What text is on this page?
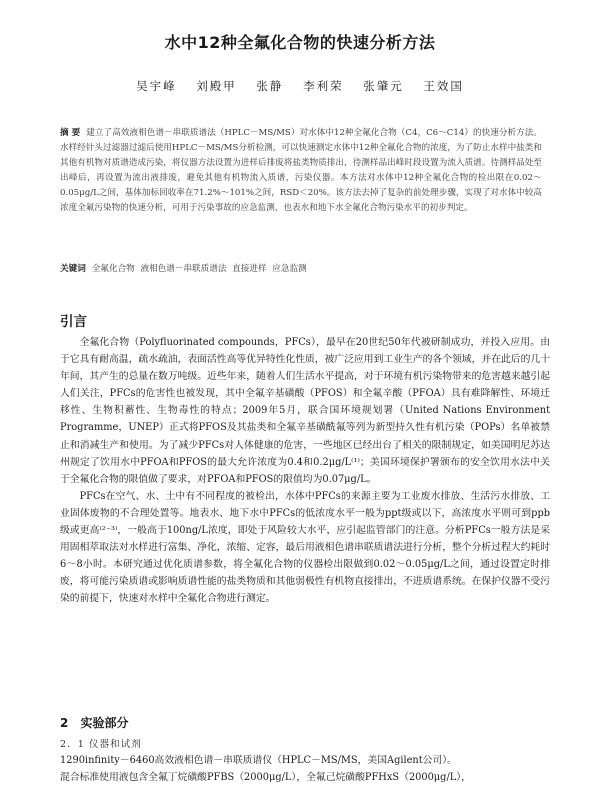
水中12种全氟化合物的快速分析方法
吴宇峰 刘殿甲 张静 李利荣 张肇元 王效国
摘 要 建立了高效液相色谱－串联质谱法（HPLC－MS/MS）对水体中12种全氟化合物（C4，C6～C14）的快速分析方法。水样经针头过滤器过滤后使用HPLC－MS/MS分析检测，可以快速测定水体中12种全氟化合物的浓度，为了防止水样中盐类和其他有机物对质谱造成污染，将仪器方法设置为进样后排废将盐类物质排出，待测样品出峰时段设置为流入质谱。待测样品处至出峰后，再设置为流出液排废，避免其他有机物流入质谱，污染仪器。本方法对水体中12种全氟化合物的检出限在0.02～0.05μg/L之间，基体加标回收率在71.2%～101%之间，RSD＜20%。该方法去掉了复杂的前处理步骤，实现了对水体中较高浓度全氟污染物的快速分析，可用于污染事故的应急监测，也表水和地下水全氟化合物污染水平的初步判定。
关键词 全氟化合物 液相色谱－串联质谱法 直接进样 应急监测
引言

全氟化合物（Polyfluorinated compounds，PFCs），最早在20世纪50年代被研制成功，并投入应用。由于它具有耐高温，疏水疏油，表面活性高等优异特性化性质，被广泛应用到工业生产的各个领域，并在此后的几十年间，其产生的总量在数万吨级。近些年来，随着人们生活水平提高，对于环境有机污染物带来的危害越来越引起人们关注，PFCs的危害性也被发现，其中全氟辛基磺酸（PFOS）和全氟辛酸（PFOA）具有难降解性、环境迁移性、生物积蓄性、生物毒性的特点；2009年5月，联合国环境规划署（United Nations Environment Programme，UNEP）正式将PFOS及其盐类和全氟辛基磺酰氟等列为新型持久性有机污染（POPs）名单被禁止和消减生产和使用。为了减少PFCs对人体健康的危害，一些地区已经出台了相关的限制规定，如美国明尼苏达州规定了饮用水中PFOA和PFOS的最大允许浓度为0.4和0.2μg/L⁽¹⁾；美国环境保护署颁布的安全饮用水法中关于全氟化合物的限值做了要求，对PFOA和PFOS的限值均为0.07μg/L。

PFCs在空气、水、土中有不同程度的被检出，水体中PFCs的来源主要为工业废水排放、生活污水排放、工业固体废物的不合理处置等。地表水、地下水中PFCs的低浓度水平一般为ppt级或以下，高浓度水平则可到ppb级或更高⁽²⁻³⁾，一般高于100ng/L浓度，即处于风险较大水平，应引起监管部门的注意。分析PFCs一般方法是采用固相萃取法对水样进行富集、净化，浓缩、定容，最后用液相色谱串联质谱法进行分析，整个分析过程大约耗时6～8小时。本研究通过优化质谱参数，将全氟化合物的仪器检出限做到0.02～0.05μg/L之间，通过设置定时排废，将可能污染质谱或影响质谱性能的盐类物质和其他弱极性有机物直接排出，不进质谱系统。在保护仪器不受污染的前提下，快速对水样中全氟化合物进行测定。

2 实验部分
2．1 仪器和试剂

1290infinity－6460高效液相色谱－串联质谱仪（HPLC－MS/MS，美国Agilent公司）。

混合标准使用液包含全氟丁烷磺酸PFBS（2000μg/L），全氟己烷磺酸PFHxS（2000μg/L），
